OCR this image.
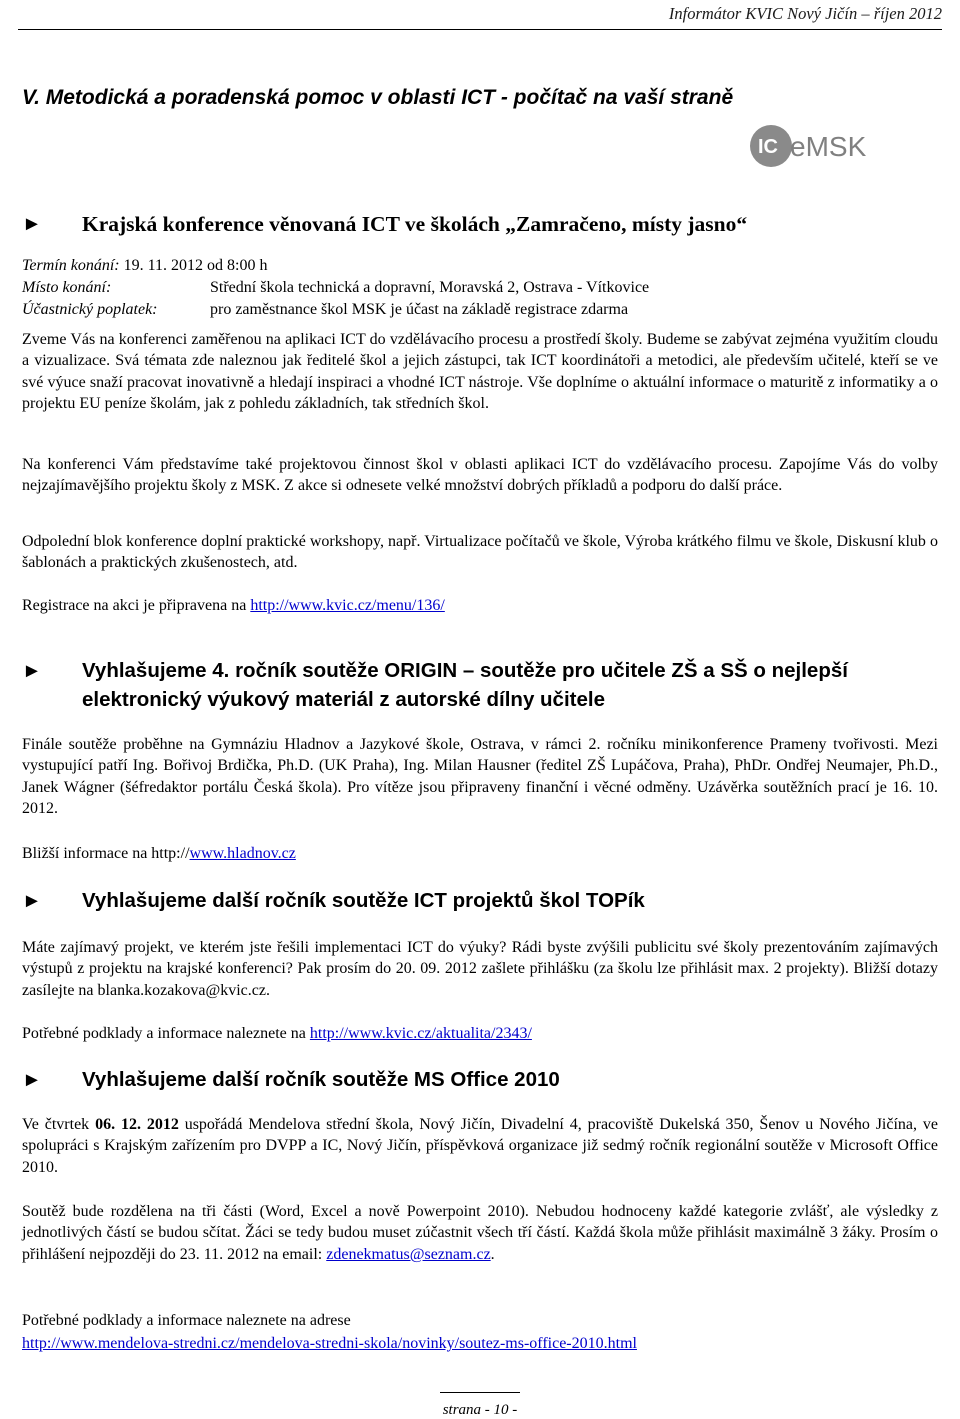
Informátor KVIC Nový Jičín – říjen 2012
V. Metodická a poradenská pomoc v oblasti ICT - počítač na vaší straně
IC eMSK
► Krajská konference věnovaná ICT ve školách „Zamračeno, místy jasno“
Termín konání: 19. 11. 2012 od 8:00 h
Místo konání:	Střední škola technická a dopravní, Moravská 2, Ostrava - Vítkovice
Účastnický poplatek:	pro zaměstnance škol MSK je účast na základě registrace zdarma
Zveme Vás na konferenci zaměřenou na aplikaci ICT do vzdělávacího procesu a prostředí školy. Budeme se zabývat zejména využitím cloudu a vizualizace. Svá témata zde naleznou jak ředitelé škol a jejich zástupci, tak ICT koordinátoři a metodici, ale především učitelé, kteří se ve své výuce snaží pracovat inovativně a hledají inspiraci a vhodné ICT nástroje. Vše doplníme o aktuální informace o maturitě z informatiky a o projektu EU peníze školám, jak z pohledu základních, tak středních škol.
Na konferenci Vám představíme také projektovou činnost škol v oblasti aplikaci ICT do vzdělávacího procesu. Zapojíme Vás do volby nejzajímavějšího projektu školy z MSK. Z akce si odnesete velké množství dobrých příkladů a podporu do další práce.
Odpolední blok konference doplní praktické workshopy, např. Virtualizace počítačů ve škole, Výroba krátkého filmu ve škole, Diskusní klub o šablonách a praktických zkušenostech, atd.
Registrace na akci je připravena na http://www.kvic.cz/menu/136/
► Vyhlašujeme 4. ročník soutěže ORIGIN – soutěže pro učitele ZŠ a SŠ o nejlepší
elektronický výukový materiál z autorské dílny učitele
Finále soutěže proběhne na Gymnáziu Hladnov a Jazykové škole, Ostrava, v rámci 2. ročníku minikonference Prameny tvořivosti. Mezi vystupující patří Ing. Bořivoj Brdička, Ph.D. (UK Praha), Ing. Milan Hausner (ředitel ZŠ Lupáčova, Praha), PhDr. Ondřej Neumajer, Ph.D., Janek Wágner (šéfredaktor portálu Česká škola). Pro vítěze jsou připraveny finanční i věcné odměny. Uzávěrka soutěžních prací je 16. 10. 2012.
Bližší informace na http://www.hladnov.cz
► Vyhlašujeme další ročník soutěže ICT projektů škol TOPík
Máte zajímavý projekt, ve kterém jste řešili implementaci ICT do výuky? Rádi byste zvýšili publicitu své školy prezentováním zajímavých výstupů z projektu na krajské konferenci? Pak prosím do 20. 09. 2012 zašlete přihlášku (za školu lze přihlásit max. 2 projekty). Bližší dotazy zasílejte na blanka.kozakova@kvic.cz.
Potřebné podklady a informace naleznete na http://www.kvic.cz/aktualita/2343/
► Vyhlašujeme další ročník soutěže MS Office 2010
Ve čtvrtek 06. 12. 2012 uspořádá Mendelova střední škola, Nový Jičín, Divadelní 4, pracoviště Dukelská 350, Šenov u Nového Jičína, ve spolupráci s Krajským zařízením pro DVPP a IC, Nový Jičín, příspěvková organizace již sedmý ročník regionální soutěže v Microsoft Office 2010.
Soutěž bude rozdělena na tři části (Word, Excel a nově Powerpoint 2010). Nebudou hodnoceny každé kategorie zvlášť, ale výsledky z jednotlivých částí se budou sčítat. Žáci se tedy budou muset zúčastnit všech tří částí. Každá škola může přihlásit maximálně 3 žáky. Prosím o přihlášení nejpozději do 23. 11. 2012 na email: zdenekmatus@seznam.cz.
Potřebné podklady a informace naleznete na adrese
http://www.mendelova-stredni.cz/mendelova-stredni-skola/novinky/soutez-ms-office-2010.html
strana - 10 -
